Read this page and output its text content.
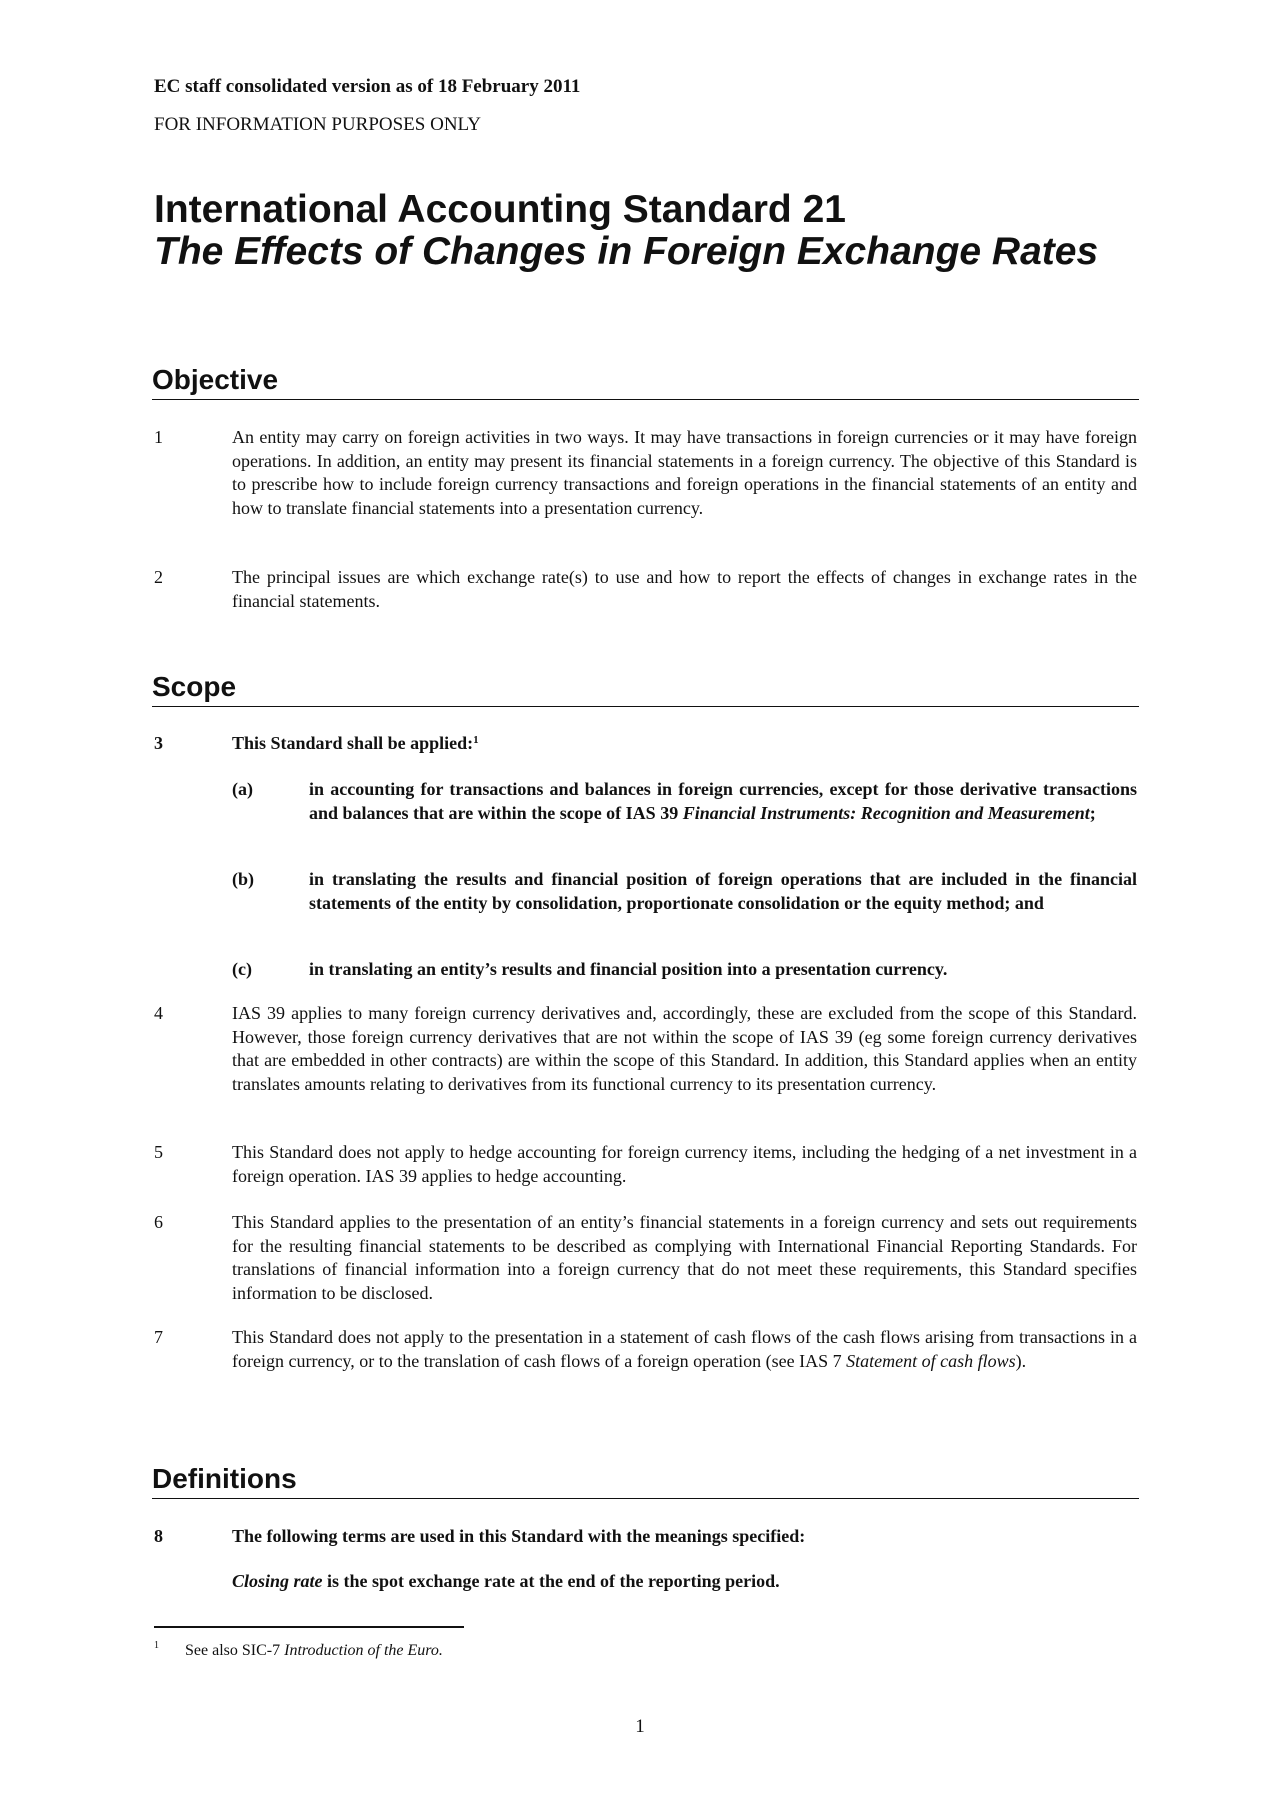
EC staff consolidated version as of 18 February 2011
FOR INFORMATION PURPOSES ONLY
International Accounting Standard 21
The Effects of Changes in Foreign Exchange Rates
Objective
1	An entity may carry on foreign activities in two ways. It may have transactions in foreign currencies or it may have foreign operations. In addition, an entity may present its financial statements in a foreign currency. The objective of this Standard is to prescribe how to include foreign currency transactions and foreign operations in the financial statements of an entity and how to translate financial statements into a presentation currency.
2	The principal issues are which exchange rate(s) to use and how to report the effects of changes in exchange rates in the financial statements.
Scope
3	This Standard shall be applied:$^1$
(a)	in accounting for transactions and balances in foreign currencies, except for those derivative transactions and balances that are within the scope of IAS 39 Financial Instruments: Recognition and Measurement;
(b)	in translating the results and financial position of foreign operations that are included in the financial statements of the entity by consolidation, proportionate consolidation or the equity method; and
(c)	in translating an entity’s results and financial position into a presentation currency.
4	IAS 39 applies to many foreign currency derivatives and, accordingly, these are excluded from the scope of this Standard. However, those foreign currency derivatives that are not within the scope of IAS 39 (eg some foreign currency derivatives that are embedded in other contracts) are within the scope of this Standard. In addition, this Standard applies when an entity translates amounts relating to derivatives from its functional currency to its presentation currency.
5	This Standard does not apply to hedge accounting for foreign currency items, including the hedging of a net investment in a foreign operation. IAS 39 applies to hedge accounting.
6	This Standard applies to the presentation of an entity’s financial statements in a foreign currency and sets out requirements for the resulting financial statements to be described as complying with International Financial Reporting Standards. For translations of financial information into a foreign currency that do not meet these requirements, this Standard specifies information to be disclosed.
7	This Standard does not apply to the presentation in a statement of cash flows of the cash flows arising from transactions in a foreign currency, or to the translation of cash flows of a foreign operation (see IAS 7 Statement of cash flows).
Definitions
8	The following terms are used in this Standard with the meanings specified:
Closing rate is the spot exchange rate at the end of the reporting period.
$^1$ See also SIC-7 Introduction of the Euro.
1
